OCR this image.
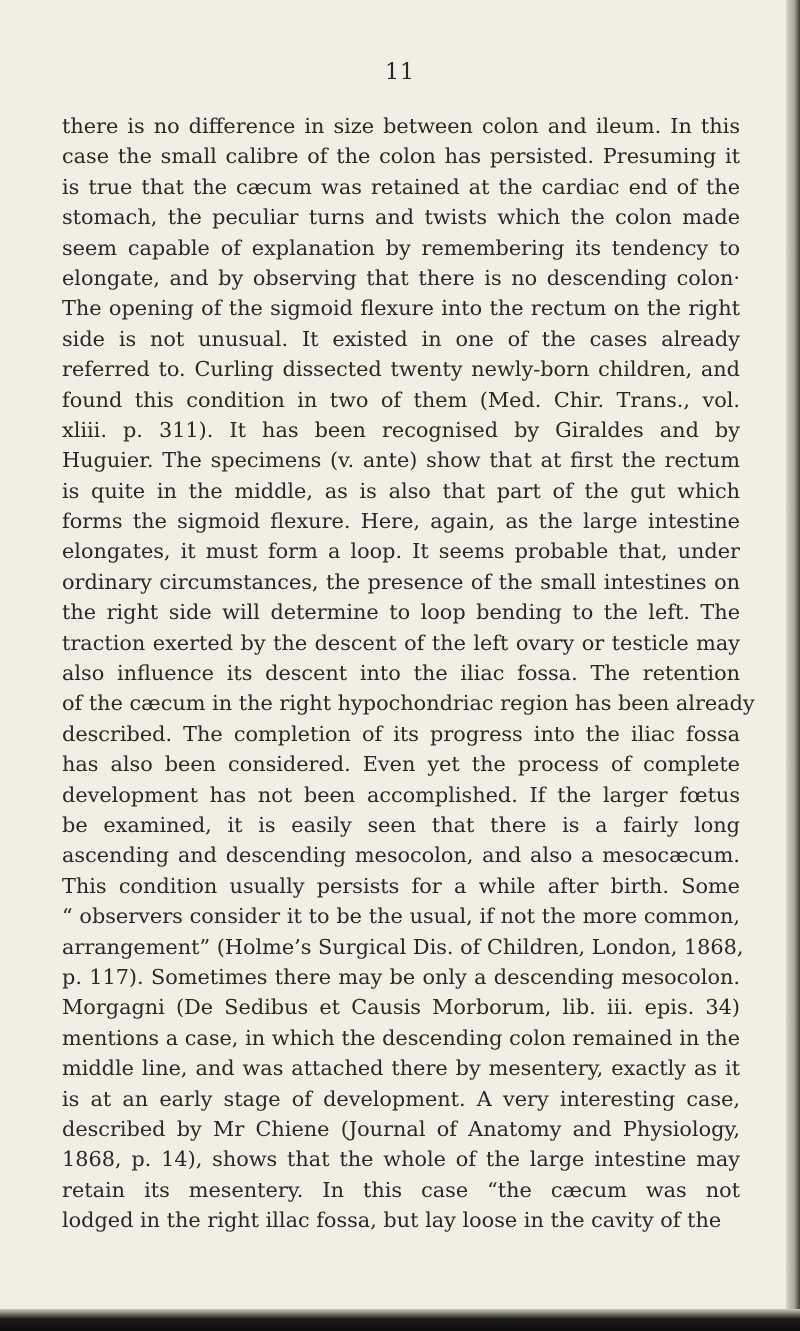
11
there is no difference in size between colon and ileum. In this
case the small calibre of the colon has persisted. Presuming it
is true that the cæcum was retained at the cardiac end of the
stomach, the peculiar turns and twists which the colon made
seem capable of explanation by remembering its tendency to
elongate, and by observing that there is no descending colon·
The opening of the sigmoid flexure into the rectum on the right
side is not unusual. It existed in one of the cases already
referred to. Curling dissected twenty newly-born children, and
found this condition in two of them (Med. Chir. Trans., vol.
xliii. p. 311). It has been recognised by Giraldes and by
Huguier. The specimens (v. ante) show that at first the rectum
is quite in the middle, as is also that part of the gut which
forms the sigmoid flexure. Here, again, as the large intestine
elongates, it must form a loop. It seems probable that, under
ordinary circumstances, the presence of the small intestines on
the right side will determine to loop bending to the left. The
traction exerted by the descent of the left ovary or testicle may
also influence its descent into the iliac fossa. The retention
of the cæcum in the right hypochondriac region has been already
described. The completion of its progress into the iliac fossa
has also been considered. Even yet the process of complete
development has not been accomplished. If the larger fœtus
be examined, it is easily seen that there is a fairly long
ascending and descending mesocolon, and also a mesocæcum.
This condition usually persists for a while after birth. Some
“ observers consider it to be the usual, if not the more common,
arrangement” (Holme’s Surgical Dis. of Children, London, 1868,
p. 117). Sometimes there may be only a descending mesocolon.
Morgagni (De Sedibus et Causis Morborum, lib. iii. epis. 34)
mentions a case, in which the descending colon remained in the
middle line, and was attached there by mesentery, exactly as it
is at an early stage of development. A very interesting case,
described by Mr Chiene (Journal of Anatomy and Physiology,
1868, p. 14), shows that the whole of the large intestine may
retain its mesentery. In this case “the cæcum was not
lodged in the right illac fossa, but lay loose in the cavity of the
